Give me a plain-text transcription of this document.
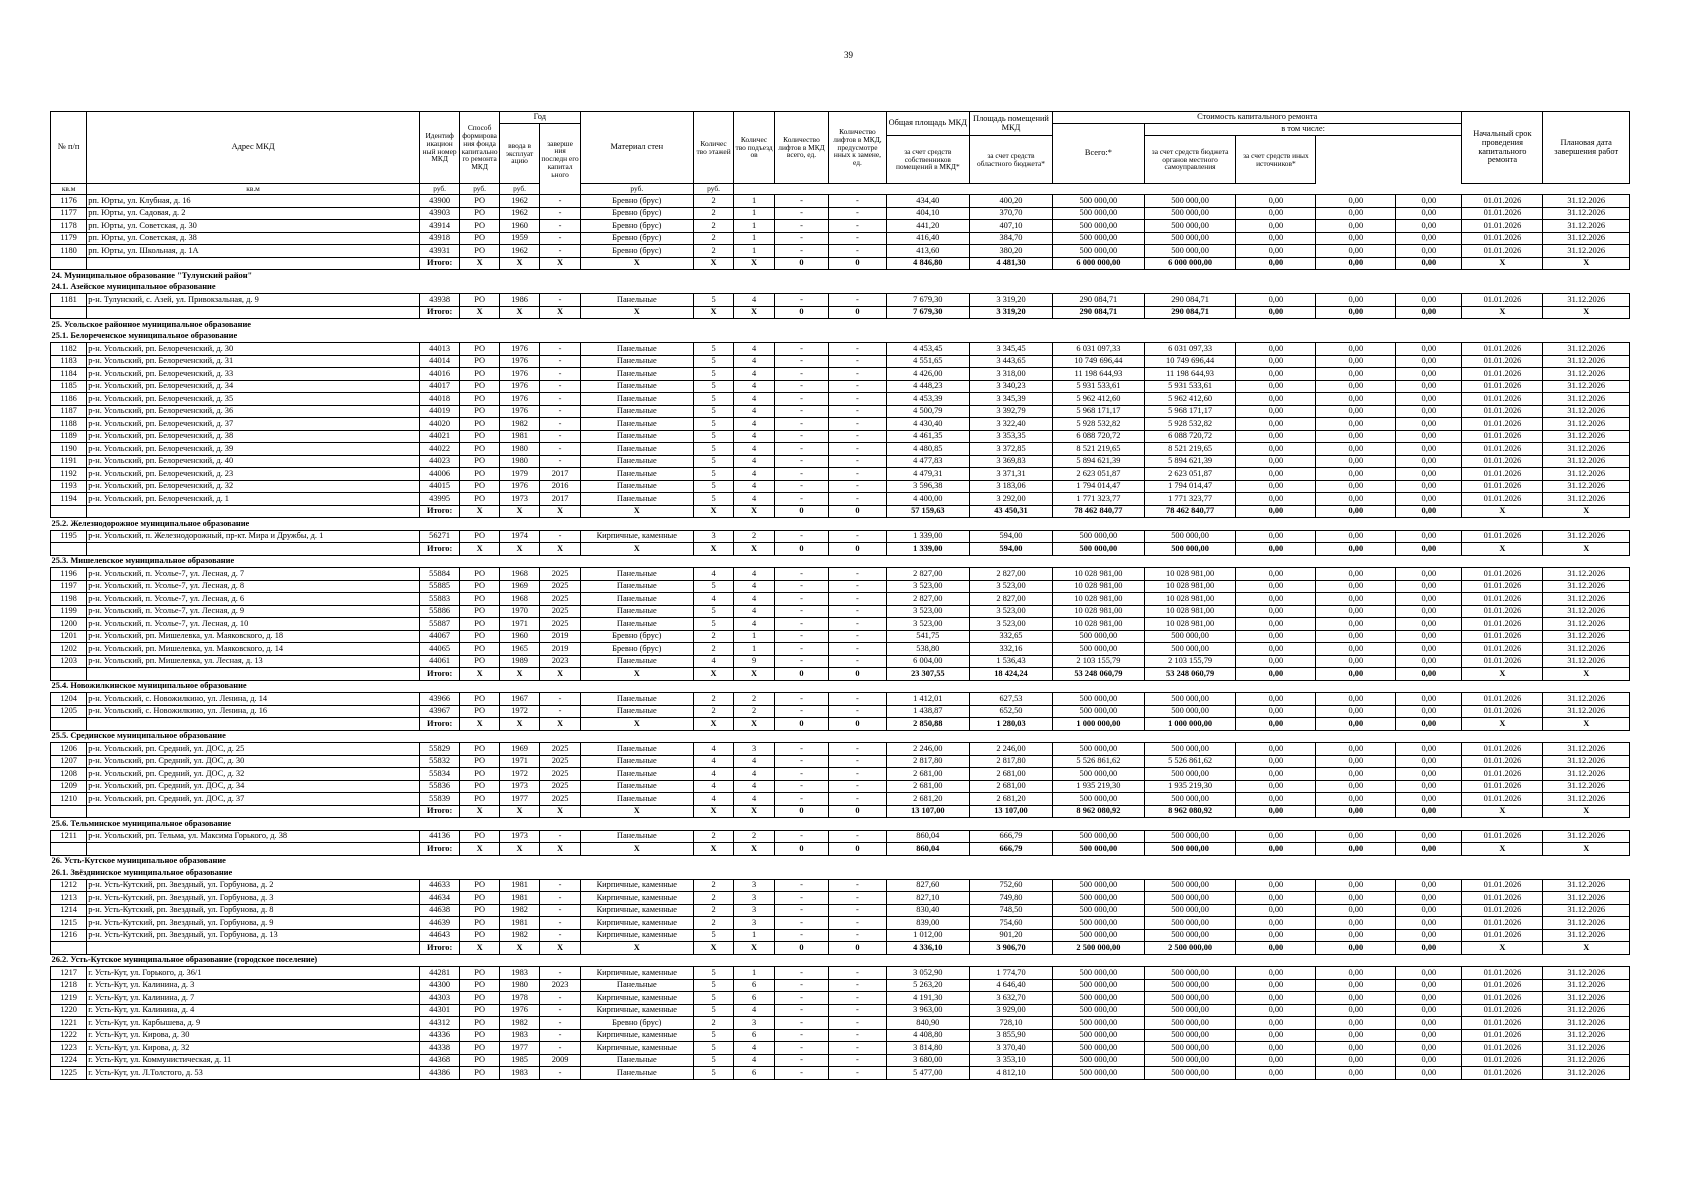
39
№ п/п	Адрес МКД	Идентиф икацион ный номер МКД	Способ формирова ния фонда капитально го ремонта МКД	Год		Материал стен	Количес тво этажей	Количес тво подъезд ов	Количество лифтов в МКД всего, ед.	Количество лифтов в МКД, предусмотре нных к замене, ед.	Общая площадь МКД	Площадь помещений МКД	Стоимость капитального ремонта					Начальный срок проведения капитального ремонта	Плановая дата завершения работ
				ввода в эксплуат ацию	заверше ния последн его капитал ьного								Всего:*	в том числе:					
											за счет средств собственников помещений в МКД*	за счет средств областного бюджета*		за счет средств бюджета органов местного самоуправления	за счет средств иных источников*				
кв.м	кв.м	руб.	руб.	руб.		руб.	руб.												
1176	рп. Юрты, ул. Клубная, д. 16	43900	РО	1962	-	Бревно (брус)	2	1	-	-	434,40	400,20	500 000,00	500 000,00	0,00	0,00	0,00	01.01.2026	31.12.2026
1177	рп. Юрты, ул. Садовая, д. 2	43903	РО	1962	-	Бревно (брус)	2	1	-	-	404,10	370,70	500 000,00	500 000,00	0,00	0,00	0,00	01.01.2026	31.12.2026
1178	рп. Юрты, ул. Советская, д. 30	43914	РО	1960	-	Бревно (брус)	2	1	-	-	441,20	407,10	500 000,00	500 000,00	0,00	0,00	0,00	01.01.2026	31.12.2026
1179	рп. Юрты, ул. Советская, д. 38	43918	РО	1959	-	Бревно (брус)	2	1	-	-	416,40	384,70	500 000,00	500 000,00	0,00	0,00	0,00	01.01.2026	31.12.2026
1180	рп. Юрты, ул. Школьная, д. 1А	43931	РО	1962	-	Бревно (брус)	2	1	-	-	413,60	380,20	500 000,00	500 000,00	0,00	0,00	0,00	01.01.2026	31.12.2026
		Итого:	X	X	X	X	X	X	0	0	4 846,80	4 481,30	6 000 000,00	6 000 000,00	0,00	0,00	0,00	X	X
24. Муниципальное образование "Тулунский район"																			
24.1. Азейское муниципальное образование																			
1181	р-н. Тулунский, с. Азей, ул. Привокзальная, д. 9	43938	РО	1986	-	Панельные	5	4	-	-	7 679,30	3 319,20	290 084,71	290 084,71	0,00	0,00	0,00	01.01.2026	31.12.2026
		Итого:	X	X	X	X	X	X	0	0	7 679,30	3 319,20	290 084,71	290 084,71	0,00	0,00	0,00	X	X
25. Усольское районное муниципальное образование																			
25.1. Белореченское муниципальное образование																			
1182	р-н. Усольский, рп. Белореченский, д. 30	44013	РО	1976	-	Панельные	5	4	-	-	4 453,45	3 345,45	6 031 097,33	6 031 097,33	0,00	0,00	0,00	01.01.2026	31.12.2026
1183	р-н. Усольский, рп. Белореченский, д. 31	44014	РО	1976	-	Панельные	5	4	-	-	4 551,65	3 443,65	10 749 696,44	10 749 696,44	0,00	0,00	0,00	01.01.2026	31.12.2026
1184	р-н. Усольский, рп. Белореченский, д. 33	44016	РО	1976	-	Панельные	5	4	-	-	4 426,00	3 318,00	11 198 644,93	11 198 644,93	0,00	0,00	0,00	01.01.2026	31.12.2026
1185	р-н. Усольский, рп. Белореченский, д. 34	44017	РО	1976	-	Панельные	5	4	-	-	4 448,23	3 340,23	5 931 533,61	5 931 533,61	0,00	0,00	0,00	01.01.2026	31.12.2026
1186	р-н. Усольский, рп. Белореченский, д. 35	44018	РО	1976	-	Панельные	5	4	-	-	4 453,39	3 345,39	5 962 412,60	5 962 412,60	0,00	0,00	0,00	01.01.2026	31.12.2026
1187	р-н. Усольский, рп. Белореченский, д. 36	44019	РО	1976	-	Панельные	5	4	-	-	4 500,79	3 392,79	5 968 171,17	5 968 171,17	0,00	0,00	0,00	01.01.2026	31.12.2026
1188	р-н. Усольский, рп. Белореченский, д. 37	44020	РО	1982	-	Панельные	5	4	-	-	4 430,40	3 322,40	5 928 532,82	5 928 532,82	0,00	0,00	0,00	01.01.2026	31.12.2026
1189	р-н. Усольский, рп. Белореченский, д. 38	44021	РО	1981	-	Панельные	5	4	-	-	4 461,35	3 353,35	6 088 720,72	6 088 720,72	0,00	0,00	0,00	01.01.2026	31.12.2026
1190	р-н. Усольский, рп. Белореченский, д. 39	44022	РО	1980	-	Панельные	5	4	-	-	4 480,85	3 372,85	8 521 219,65	8 521 219,65	0,00	0,00	0,00	01.01.2026	31.12.2026
1191	р-н. Усольский, рп. Белореченский, д. 40	44023	РО	1980	-	Панельные	5	4	-	-	4 477,83	3 369,83	5 894 621,39	5 894 621,39	0,00	0,00	0,00	01.01.2026	31.12.2026
1192	р-н. Усольский, рп. Белореченский, д. 23	44006	РО	1979	2017	Панельные	5	4	-	-	4 479,31	3 371,31	2 623 051,87	2 623 051,87	0,00	0,00	0,00	01.01.2026	31.12.2026
1193	р-н. Усольский, рп. Белореченский, д. 32	44015	РО	1976	2016	Панельные	5	4	-	-	3 596,38	3 183,06	1 794 014,47	1 794 014,47	0,00	0,00	0,00	01.01.2026	31.12.2026
1194	р-н. Усольский, рп. Белореченский, д. 1	43995	РО	1973	2017	Панельные	5	4	-	-	4 400,00	3 292,00	1 771 323,77	1 771 323,77	0,00	0,00	0,00	01.01.2026	31.12.2026
		Итого:	X	X	X	X	X	X	0	0	57 159,63	43 450,31	78 462 840,77	78 462 840,77	0,00	0,00	0,00	X	X
25.2. Железнодорожное муниципальное образование																			
1195	р-н. Усольский, п. Железнодорожный, пр-кт. Мира и Дружбы, д. 1	56271	РО	1974	-	Кирпичные, каменные	3	2	-	-	1 339,00	594,00	500 000,00	500 000,00	0,00	0,00	0,00	01.01.2026	31.12.2026
		Итого:	X	X	X	X	X	X	0	0	1 339,00	594,00	500 000,00	500 000,00	0,00	0,00	0,00	X	X
25.3. Мишелевское муниципальное образование																			
1196	р-н. Усольский, п. Усолье-7, ул. Лесная, д. 7	55884	РО	1968	2025	Панельные	4	4	-	-	2 827,00	2 827,00	10 028 981,00	10 028 981,00	0,00	0,00	0,00	01.01.2026	31.12.2026
1197	р-н. Усольский, п. Усолье-7, ул. Лесная, д. 8	55885	РО	1969	2025	Панельные	5	4	-	-	3 523,00	3 523,00	10 028 981,00	10 028 981,00	0,00	0,00	0,00	01.01.2026	31.12.2026
1198	р-н. Усольский, п. Усолье-7, ул. Лесная, д. 6	55883	РО	1968	2025	Панельные	4	4	-	-	2 827,00	2 827,00	10 028 981,00	10 028 981,00	0,00	0,00	0,00	01.01.2026	31.12.2026
1199	р-н. Усольский, п. Усолье-7, ул. Лесная, д. 9	55886	РО	1970	2025	Панельные	5	4	-	-	3 523,00	3 523,00	10 028 981,00	10 028 981,00	0,00	0,00	0,00	01.01.2026	31.12.2026
1200	р-н. Усольский, п. Усолье-7, ул. Лесная, д. 10	55887	РО	1971	2025	Панельные	5	4	-	-	3 523,00	3 523,00	10 028 981,00	10 028 981,00	0,00	0,00	0,00	01.01.2026	31.12.2026
1201	р-н. Усольский, рп. Мишелевка, ул. Маяковского, д. 18	44067	РО	1960	2019	Бревно (брус)	2	1	-	-	541,75	332,65	500 000,00	500 000,00	0,00	0,00	0,00	01.01.2026	31.12.2026
1202	р-н. Усольский, рп. Мишелевка, ул. Маяковского, д. 14	44065	РО	1965	2019	Бревно (брус)	2	1	-	-	538,80	332,16	500 000,00	500 000,00	0,00	0,00	0,00	01.01.2026	31.12.2026
1203	р-н. Усольский, рп. Мишелевка, ул. Лесная, д. 13	44061	РО	1989	2023	Панельные	4	9	-	-	6 004,00	1 536,43	2 103 155,79	2 103 155,79	0,00	0,00	0,00	01.01.2026	31.12.2026
		Итого:	X	X	X	X	X	X	0	0	23 307,55	18 424,24	53 248 060,79	53 248 060,79	0,00	0,00	0,00	X	X
25.4. Новожилкинское муниципальное образование																			
1204	р-н. Усольский, с. Новожилкино, ул. Ленина, д. 14	43966	РО	1967	-	Панельные	2	2	-	-	1 412,01	627,53	500 000,00	500 000,00	0,00	0,00	0,00	01.01.2026	31.12.2026
1205	р-н. Усольский, с. Новожилкино, ул. Ленина, д. 16	43967	РО	1972	-	Панельные	2	2	-	-	1 438,87	652,50	500 000,00	500 000,00	0,00	0,00	0,00	01.01.2026	31.12.2026
		Итого:	X	X	X	X	X	X	0	0	2 850,88	1 280,03	1 000 000,00	1 000 000,00	0,00	0,00	0,00	X	X
25.5. Срединское муниципальное образование																			
1206	р-н. Усольский, рп. Средний, ул. ДОС, д. 25	55829	РО	1969	2025	Панельные	4	3	-	-	2 246,00	2 246,00	500 000,00	500 000,00	0,00	0,00	0,00	01.01.2026	31.12.2026
1207	р-н. Усольский, рп. Средний, ул. ДОС, д. 30	55832	РО	1971	2025	Панельные	4	4	-	-	2 817,80	2 817,80	5 526 861,62	5 526 861,62	0,00	0,00	0,00	01.01.2026	31.12.2026
1208	р-н. Усольский, рп. Средний, ул. ДОС, д. 32	55834	РО	1972	2025	Панельные	4	4	-	-	2 681,00	2 681,00	500 000,00	500 000,00	0,00	0,00	0,00	01.01.2026	31.12.2026
1209	р-н. Усольский, рп. Средний, ул. ДОС, д. 34	55836	РО	1973	2025	Панельные	4	4	-	-	2 681,00	2 681,00	1 935 219,30	1 935 219,30	0,00	0,00	0,00	01.01.2026	31.12.2026
1210	р-н. Усольский, рп. Средний, ул. ДОС, д. 37	55839	РО	1977	2025	Панельные	4	4	-	-	2 681,20	2 681,20	500 000,00	500 000,00	0,00	0,00	0,00	01.01.2026	31.12.2026
		Итого:	X	X	X	X	X	X	0	0	13 107,00	13 107,00	8 962 080,92	8 962 080,92	0,00	0,00	0,00	X	X
25.6. Тельминское муниципальное образование																			
1211	р-н. Усольский, рп. Тельма, ул. Максима Горького, д. 38	44136	РО	1973	-	Панельные	2	2	-	-	860,04	666,79	500 000,00	500 000,00	0,00	0,00	0,00	01.01.2026	31.12.2026
		Итого:	X	X	X	X	X	X	0	0	860,04	666,79	500 000,00	500 000,00	0,00	0,00	0,00	X	X
26. Усть-Кутское муниципальное образование																			
26.1. Звёзднинское муниципальное образование																			
1212	р-н. Усть-Кутский, рп. Звездный, ул. Горбунова, д. 2	44633	РО	1981	-	Кирпичные, каменные	2	3	-	-	827,60	752,60	500 000,00	500 000,00	0,00	0,00	0,00	01.01.2026	31.12.2026
1213	р-н. Усть-Кутский, рп. Звездный, ул. Горбунова, д. 3	44634	РО	1981	-	Кирпичные, каменные	2	3	-	-	827,10	749,80	500 000,00	500 000,00	0,00	0,00	0,00	01.01.2026	31.12.2026
1214	р-н. Усть-Кутский, рп. Звездный, ул. Горбунова, д. 8	44638	РО	1982	-	Кирпичные, каменные	2	3	-	-	830,40	748,50	500 000,00	500 000,00	0,00	0,00	0,00	01.01.2026	31.12.2026
1215	р-н. Усть-Кутский, рп. Звездный, ул. Горбунова, д. 9	44639	РО	1981	-	Кирпичные, каменные	2	3	-	-	839,00	754,60	500 000,00	500 000,00	0,00	0,00	0,00	01.01.2026	31.12.2026
1216	р-н. Усть-Кутский, рп. Звездный, ул. Горбунова, д. 13	44643	РО	1982	-	Кирпичные, каменные	5	1	-	-	1 012,00	901,20	500 000,00	500 000,00	0,00	0,00	0,00	01.01.2026	31.12.2026
		Итого:	X	X	X	X	X	X	0	0	4 336,10	3 906,70	2 500 000,00	2 500 000,00	0,00	0,00	0,00	X	X
26.2. Усть-Кутское муниципальное образование (городское поселение)																			
1217	г. Усть-Кут, ул. Горького, д. 36/1	44281	РО	1983	-	Кирпичные, каменные	5	1	-	-	3 052,90	1 774,70	500 000,00	500 000,00	0,00	0,00	0,00	01.01.2026	31.12.2026
1218	г. Усть-Кут, ул. Калинина, д. 3	44300	РО	1980	2023	Панельные	5	6	-	-	5 263,20	4 646,40	500 000,00	500 000,00	0,00	0,00	0,00	01.01.2026	31.12.2026
1219	г. Усть-Кут, ул. Калинина, д. 7	44303	РО	1978	-	Кирпичные, каменные	5	6	-	-	4 191,30	3 632,70	500 000,00	500 000,00	0,00	0,00	0,00	01.01.2026	31.12.2026
1220	г. Усть-Кут, ул. Калинина, д. 4	44301	РО	1976	-	Кирпичные, каменные	5	4	-	-	3 963,00	3 929,00	500 000,00	500 000,00	0,00	0,00	0,00	01.01.2026	31.12.2026
1221	г. Усть-Кут, ул. Карбышева, д. 9	44312	РО	1982	-	Бревно (брус)	2	3	-	-	840,90	728,10	500 000,00	500 000,00	0,00	0,00	0,00	01.01.2026	31.12.2026
1222	г. Усть-Кут, ул. Кирова, д. 30	44336	РО	1983	-	Кирпичные, каменные	5	6	-	-	4 408,80	3 855,90	500 000,00	500 000,00	0,00	0,00	0,00	01.01.2026	31.12.2026
1223	г. Усть-Кут, ул. Кирова, д. 32	44338	РО	1977	-	Кирпичные, каменные	5	4	-	-	3 814,80	3 370,40	500 000,00	500 000,00	0,00	0,00	0,00	01.01.2026	31.12.2026
1224	г. Усть-Кут, ул. Коммунистическая, д. 11	44368	РО	1985	2009	Панельные	5	4	-	-	3 680,00	3 353,10	500 000,00	500 000,00	0,00	0,00	0,00	01.01.2026	31.12.2026
1225	г. Усть-Кут, ул. Л.Толстого, д. 53	44386	РО	1983	-	Панельные	5	6	-	-	5 477,00	4 812,10	500 000,00	500 000,00	0,00	0,00	0,00	01.01.2026	31.12.2026
